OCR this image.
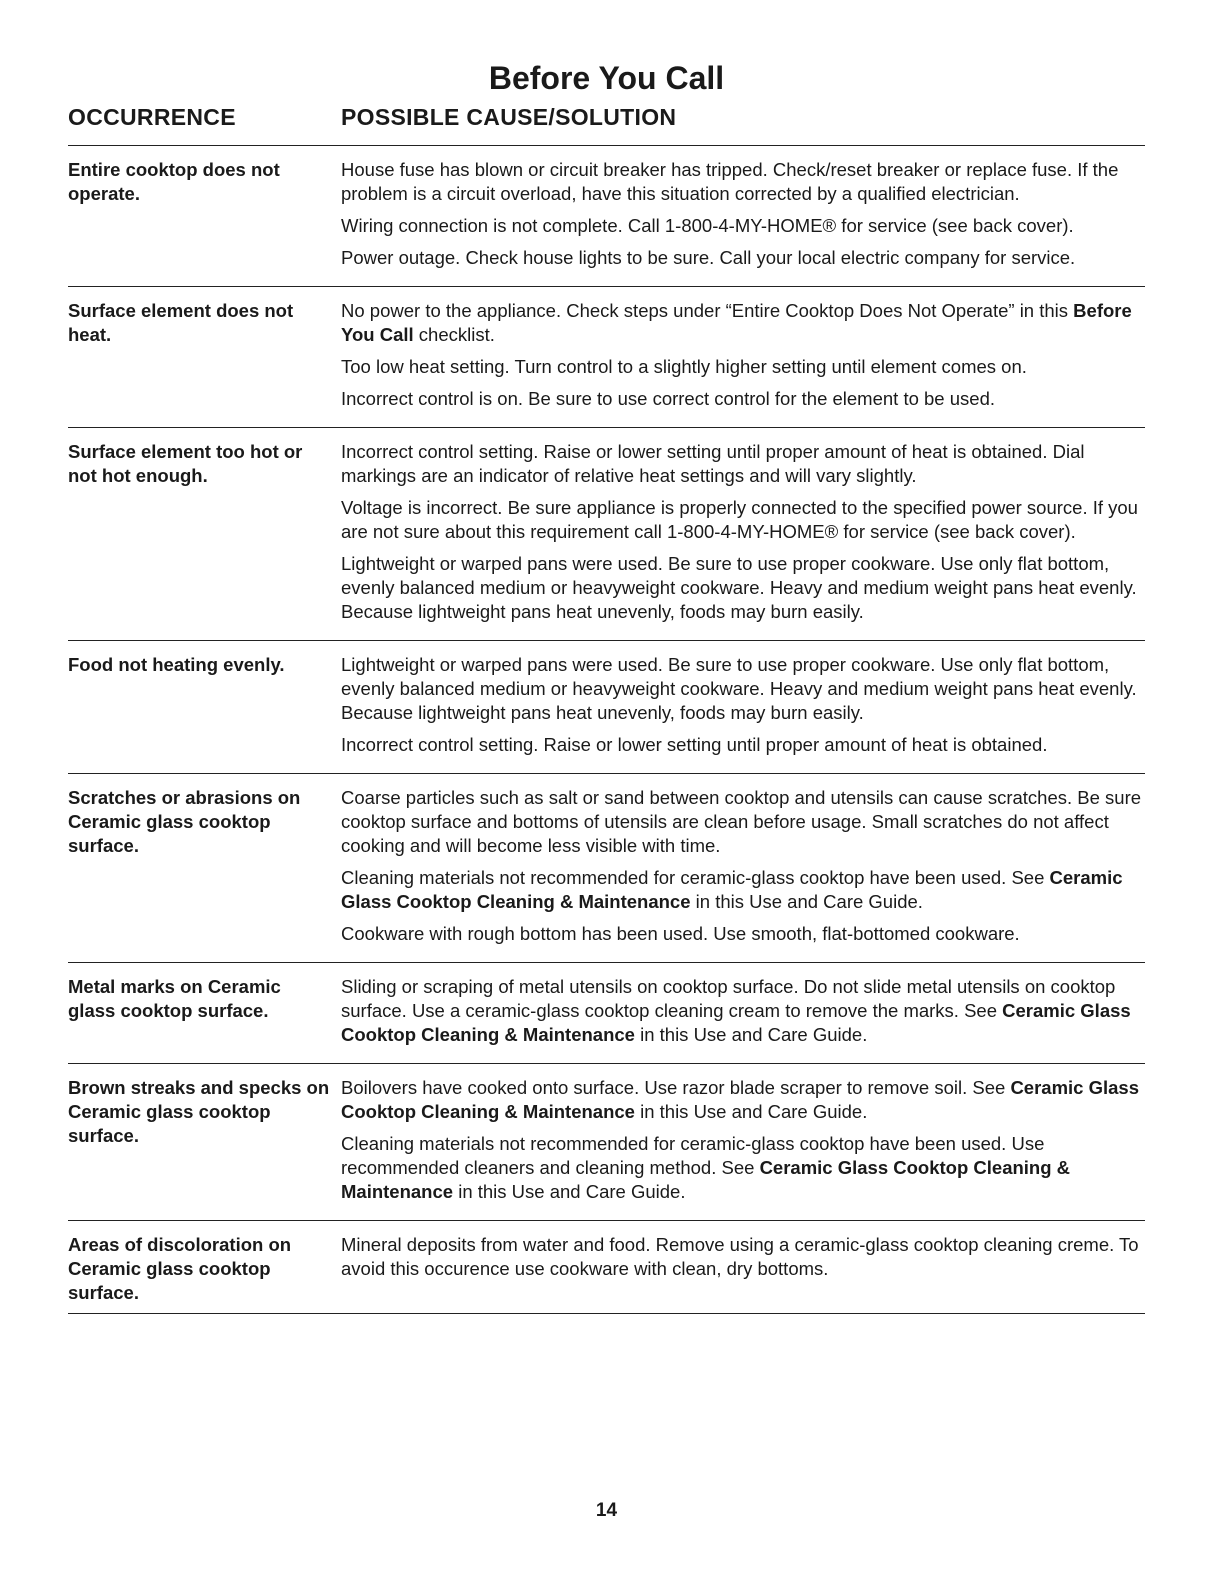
Before You Call
OCCURRENCE	POSSIBLE CAUSE/SOLUTION
Entire cooktop does not operate.

House fuse has blown or circuit breaker has tripped. Check/reset breaker or replace fuse. If the problem is a circuit overload, have this situation corrected by a qualified electrician.

Wiring connection is not complete. Call 1-800-4-MY-HOME® for service (see back cover).

Power outage. Check house lights to be sure. Call your local electric company for service.

Surface element does not heat.

No power to the appliance. Check steps under “Entire Cooktop Does Not Operate” in this Before You Call checklist.

Too low heat setting. Turn control to a slightly higher setting until element comes on.

Incorrect control is on. Be sure to use correct control for the element to be used.

Surface element too hot or not hot enough.

Incorrect control setting. Raise or lower setting until proper amount of heat is obtained. Dial markings are an indicator of relative heat settings and will vary slightly.

Voltage is incorrect. Be sure appliance is properly connected to the specified power source. If you are not sure about this requirement call 1-800-4-MY-HOME® for service (see back cover).

Lightweight or warped pans were used. Be sure to use proper cookware. Use only flat bottom, evenly balanced medium or heavyweight cookware. Heavy and medium weight pans heat evenly. Because lightweight pans heat unevenly, foods may burn easily.

Food not heating evenly.	Lightweight or warped pans were used. Be sure to use proper cookware. Use only flat bottom, evenly balanced medium or heavyweight cookware. Heavy and medium weight pans heat evenly. Because lightweight pans heat unevenly, foods may burn easily.

Incorrect control setting. Raise or lower setting until proper amount of heat is obtained.

Scratches or abrasions on Ceramic glass cooktop surface.

Coarse particles such as salt or sand between cooktop and utensils can cause scratches. Be sure cooktop surface and bottoms of utensils are clean before usage. Small scratches do not affect cooking and will become less visible with time.

Cleaning materials not recommended for ceramic-glass cooktop have been used. See Ceramic Glass Cooktop Cleaning & Maintenance in this Use and Care Guide.

Cookware with rough bottom has been used. Use smooth, flat-bottomed cookware.

Metal marks on Ceramic glass cooktop surface.

Sliding or scraping of metal utensils on cooktop surface. Do not slide metal utensils on cooktop surface. Use a ceramic-glass cooktop cleaning cream to remove the marks. See Ceramic Glass Cooktop Cleaning & Maintenance in this Use and Care Guide.

Brown streaks and specks on Ceramic glass cooktop surface.

Boilovers have cooked onto surface. Use razor blade scraper to remove soil. See Ceramic Glass Cooktop Cleaning & Maintenance in this Use and Care Guide.

Cleaning materials not recommended for ceramic-glass cooktop have been used. Use recommended cleaners and cleaning method. See Ceramic Glass Cooktop Cleaning & Maintenance in this Use and Care Guide.

Areas of discoloration on Ceramic glass cooktop surface.

Mineral deposits from water and food. Remove using a ceramic-glass cooktop cleaning creme. To avoid this occurence use cookware with clean, dry bottoms.

14
